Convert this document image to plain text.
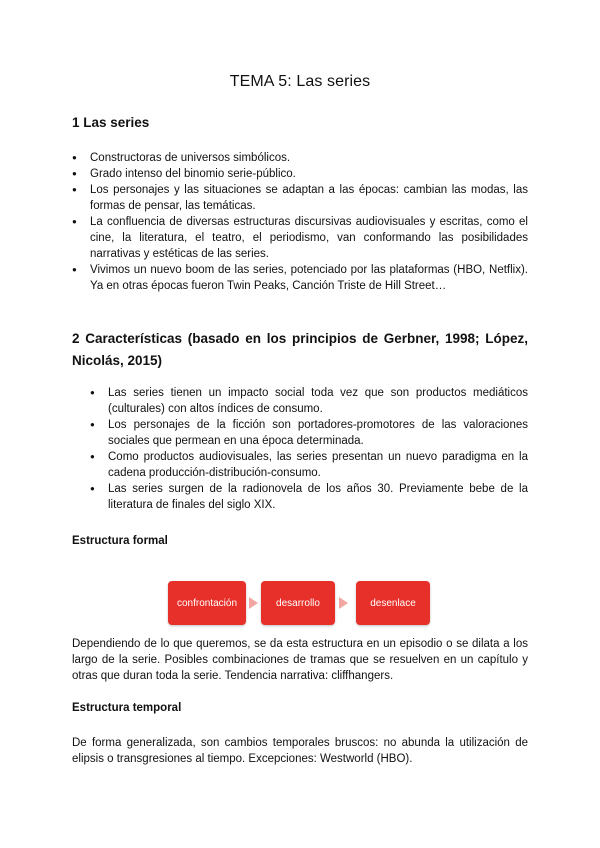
TEMA 5: Las series
1 Las series
● Constructoras de universos simbólicos.
● Grado intenso del binomio serie-público.
● Los personajes y las situaciones se adaptan a las épocas: cambian las modas, las formas de pensar, las temáticas.
● La confluencia de diversas estructuras discursivas audiovisuales y escritas, como el cine, la literatura, el teatro, el periodismo, van conformando las posibilidades narrativas y estéticas de las series.
● Vivimos un nuevo boom de las series, potenciado por las plataformas (HBO, Netflix). Ya en otras épocas fueron Twin Peaks, Canción Triste de Hill Street…
2 Características (basado en los principios de Gerbner, 1998; López, Nicolás, 2015)
● Las series tienen un impacto social toda vez que son productos mediáticos (culturales) con altos índices de consumo.
● Los personajes de la ficción son portadores-promotores de las valoraciones sociales que permean en una época determinada.
● Como productos audiovisuales, las series presentan un nuevo paradigma en la cadena producción-distribución-consumo.
● Las series surgen de la radionovela de los años 30. Previamente bebe de la literatura de finales del siglo XIX.
Estructura formal
confrontación	desarrollo	desenlace

Dependiendo de lo que queremos, se da esta estructura en un episodio o se dilata a los largo de la serie. Posibles combinaciones de tramas que se resuelven en un capítulo y otras que duran toda la serie. Tendencia narrativa: cliffhangers.

Estructura temporal

De forma generalizada, son cambios temporales bruscos: no abunda la utilización de elipsis o transgresiones al tiempo. Excepciones: Westworld (HBO).
